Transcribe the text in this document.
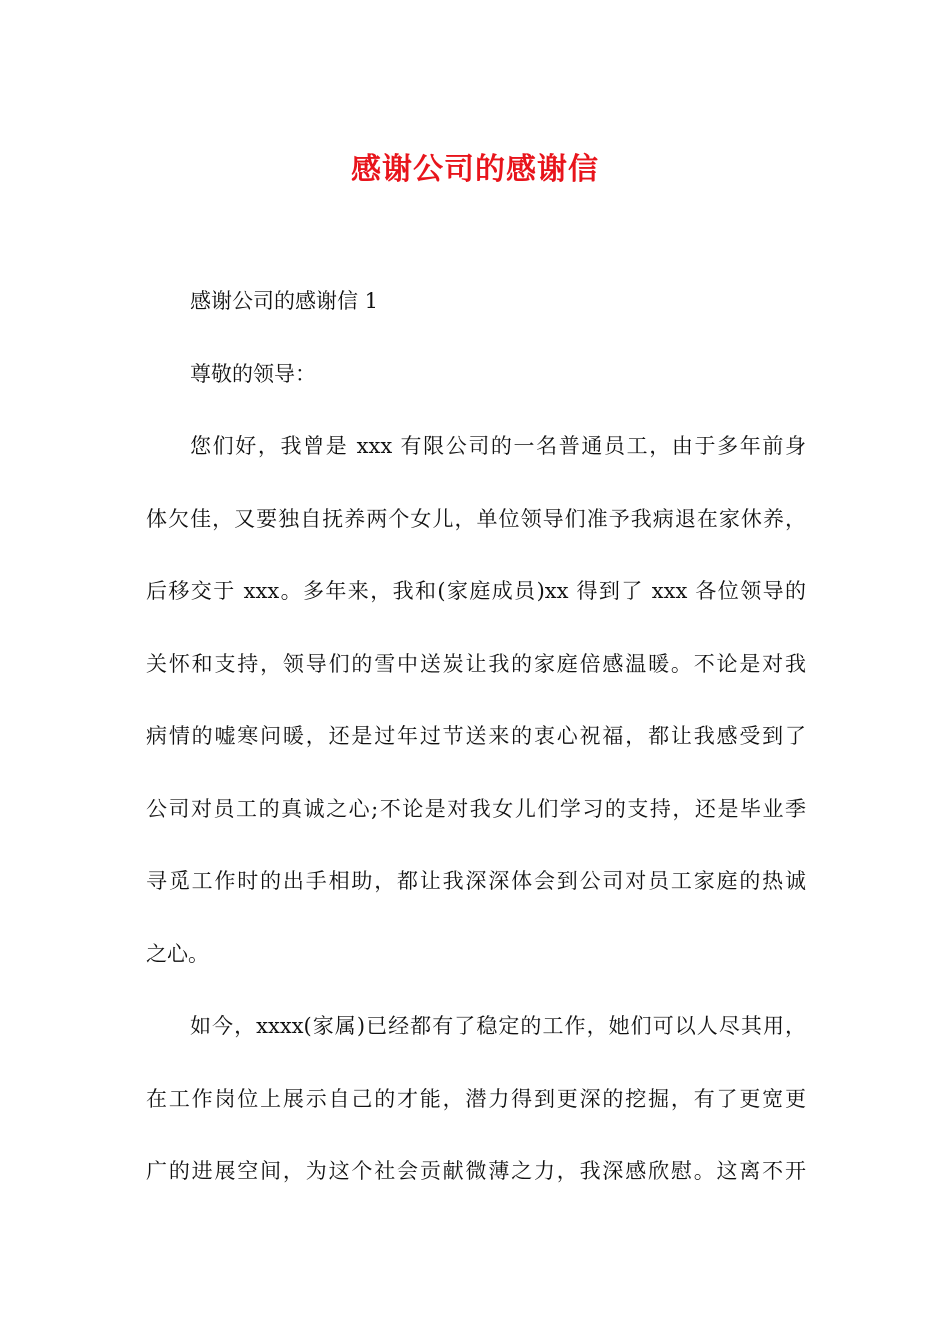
感谢公司的感谢信
感谢公司的感谢信 1
尊敬的领导：
您们好，我曾是 xxx 有限公司的一名普通员工，由于多年前身
体欠佳，又要独自抚养两个女儿，单位领导们准予我病退在家休养，
后移交于 xxx。多年来，我和(家庭成员)xx 得到了 xxx 各位领导的
关怀和支持，领导们的雪中送炭让我的家庭倍感温暖。不论是对我
病情的嘘寒问暖，还是过年过节送来的衷心祝福，都让我感受到了
公司对员工的真诚之心;不论是对我女儿们学习的支持，还是毕业季
寻觅工作时的出手相助，都让我深深体会到公司对员工家庭的热诚
之心。
如今，xxxx(家属)已经都有了稳定的工作，她们可以人尽其用，
在工作岗位上展示自己的才能，潜力得到更深的挖掘，有了更宽更
广的进展空间，为这个社会贡献微薄之力，我深感欣慰。这离不开
